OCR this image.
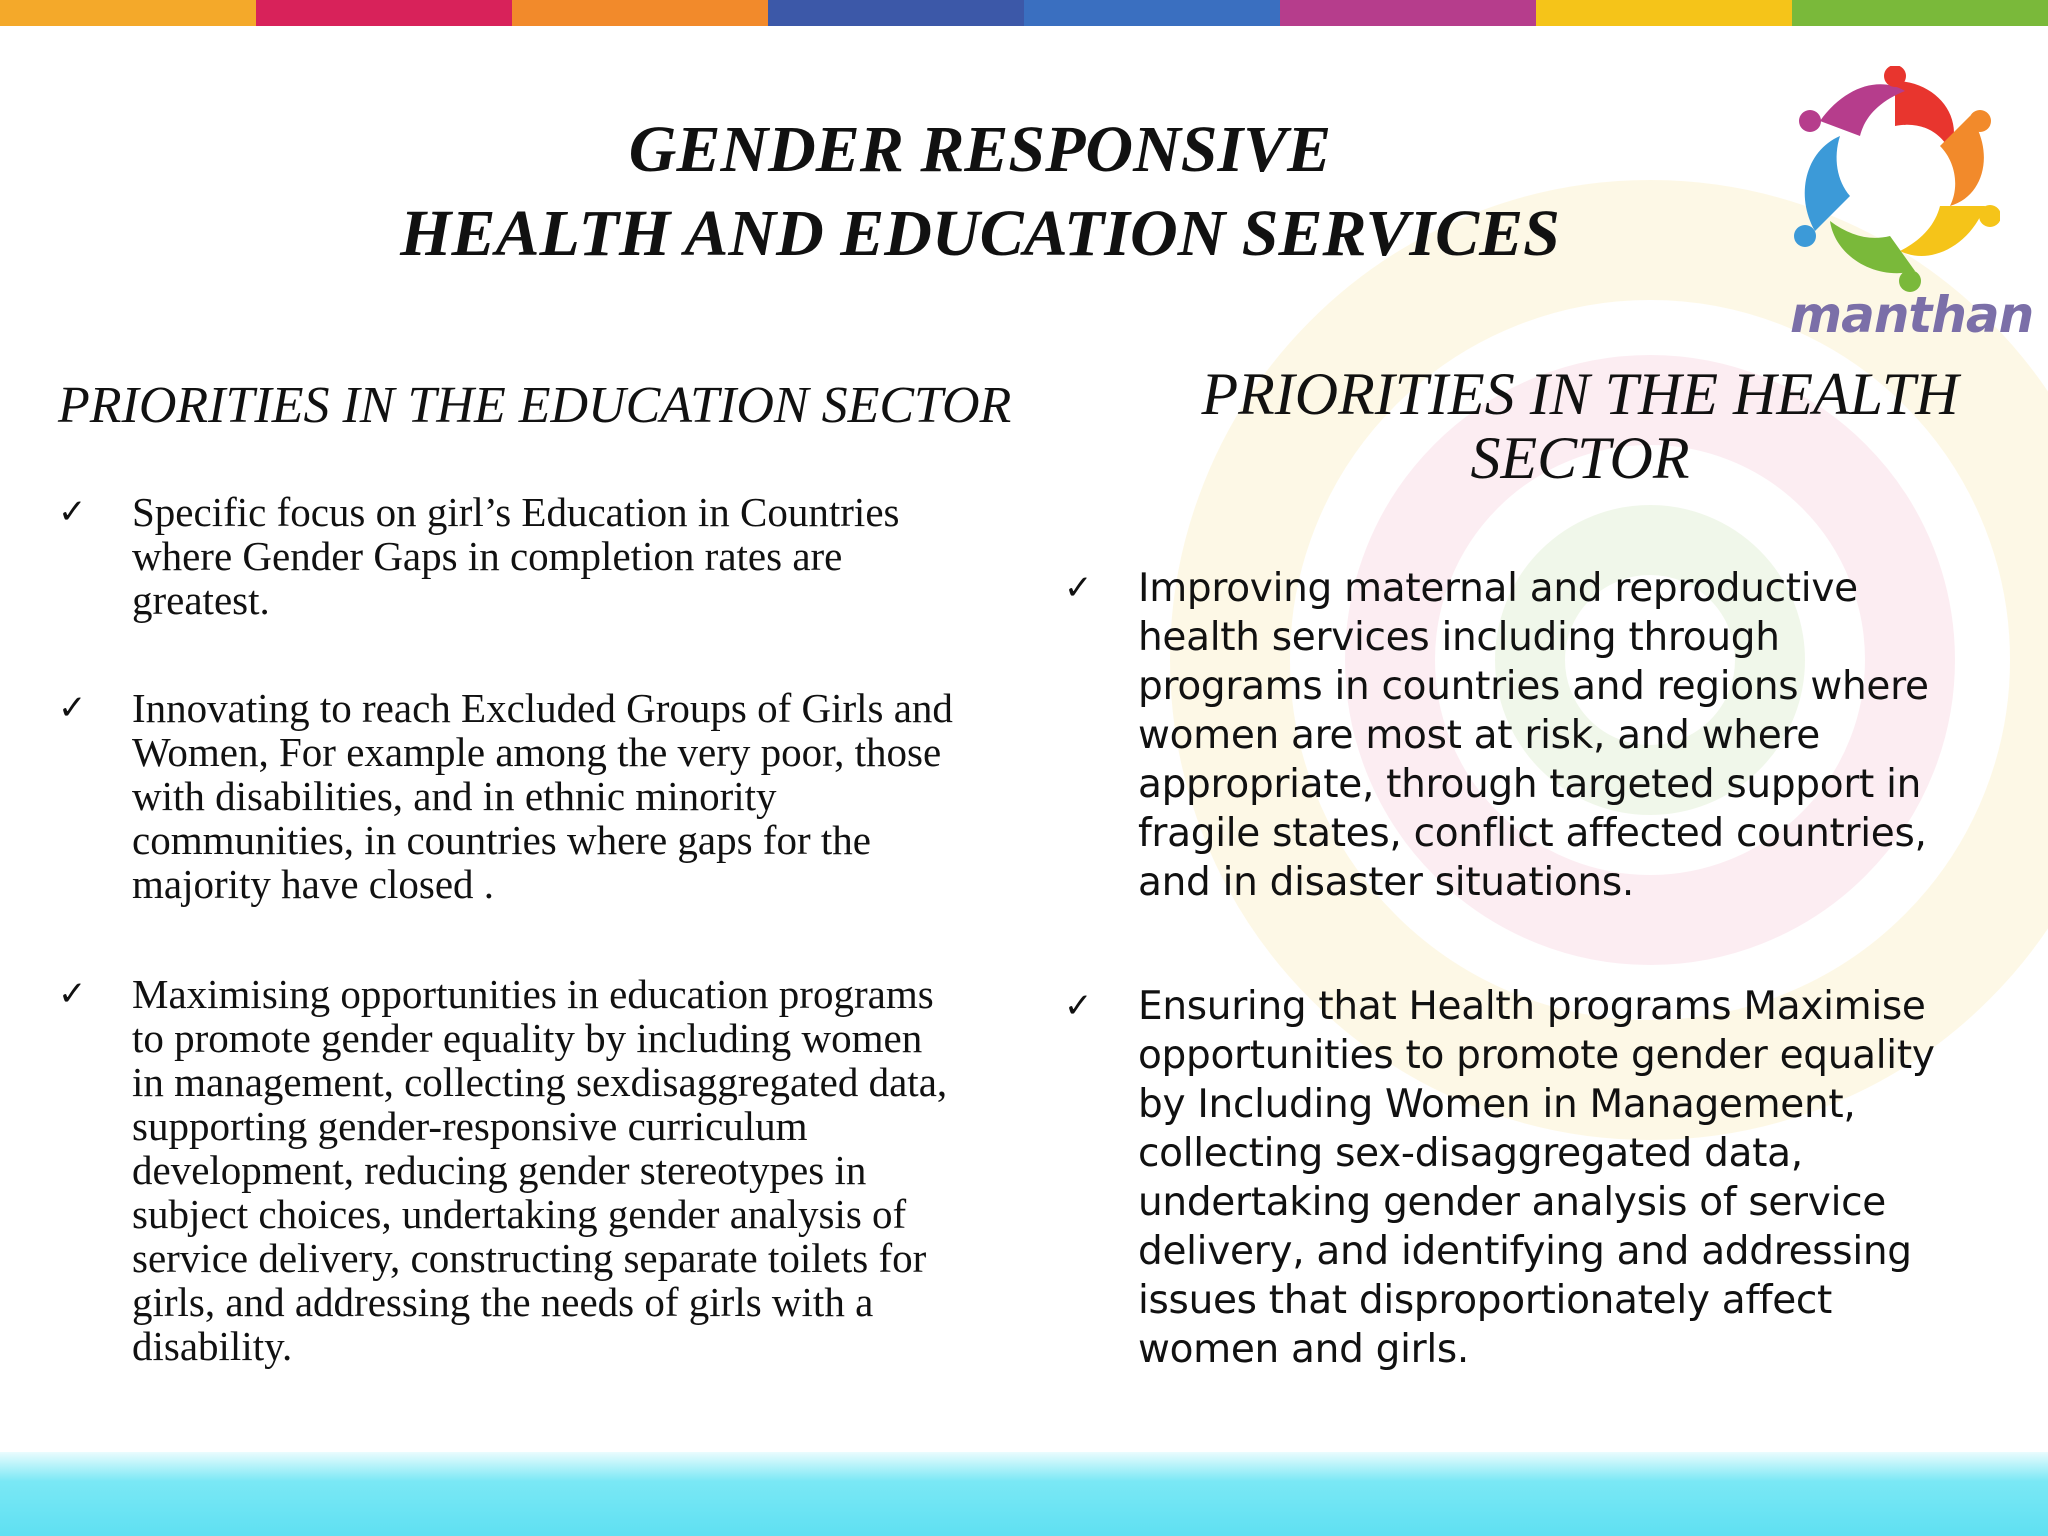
GENDER RESPONSIVE
HEALTH AND EDUCATION SERVICES
manthan
PRIORITIES IN THE EDUCATION SECTOR
✓ Specific focus on girl’s Education in Countries
where Gender Gaps in completion rates are
greatest.
✓ Innovating to reach Excluded Groups of Girls and
Women, For example among the very poor, those
with disabilities, and in ethnic minority
communities, in countries where gaps for the
majority have closed .
✓ Maximising opportunities in education programs
to promote gender equality by including women
in management, collecting sexdisaggregated data,
supporting gender-responsive curriculum
development, reducing gender stereotypes in
subject choices, undertaking gender analysis of
service delivery, constructing separate toilets for
girls, and addressing the needs of girls with a
disability.
PRIORITIES IN THE HEALTH
SECTOR
✓ Improving maternal and reproductive
health services including through
programs in countries and regions where
women are most at risk, and where
appropriate, through targeted support in
fragile states, conflict affected countries,
and in disaster situations.
✓ Ensuring that Health programs Maximise
opportunities to promote gender equality
by Including Women in Management,
collecting sex-disaggregated data,
undertaking gender analysis of service
delivery, and identifying and addressing
issues that disproportionately affect
women and girls.
